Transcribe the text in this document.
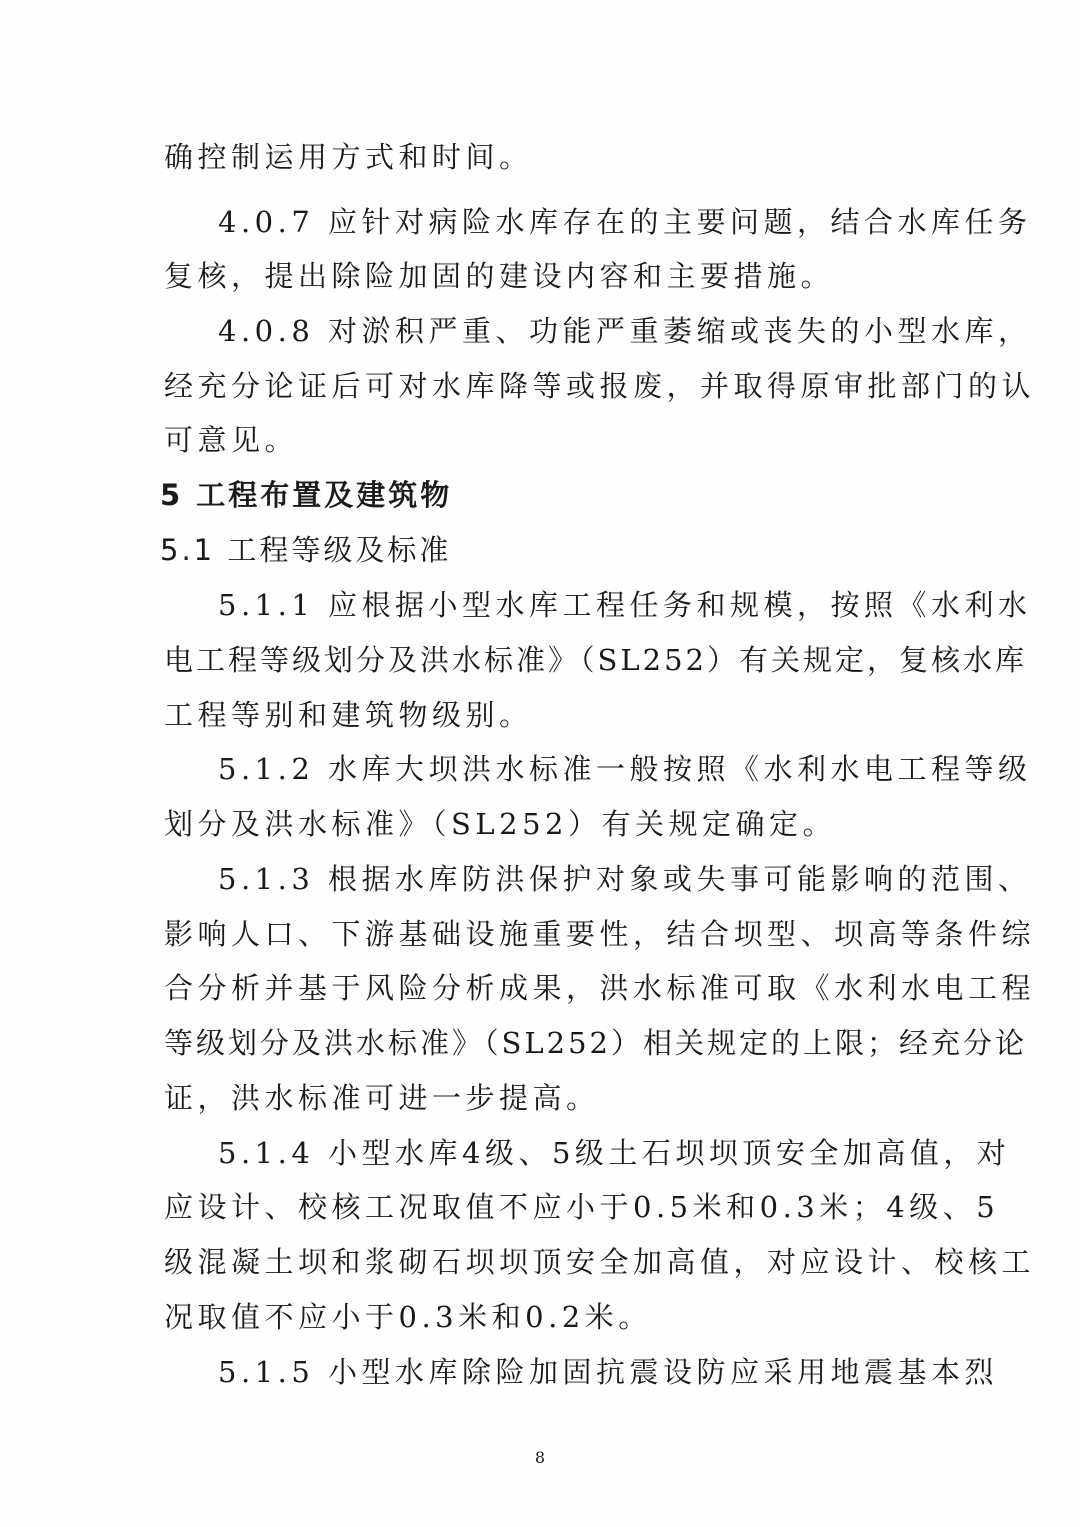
确控制运用方式和时间。
4.0.7 应针对病险水库存在的主要问题，结合水库任务
复核，提出除险加固的建设内容和主要措施。
4.0.8 对淤积严重、功能严重萎缩或丧失的小型水库，
经充分论证后可对水库降等或报废，并取得原审批部门的认
可意见。
5 工程布置及建筑物
5.1 工程等级及标准
5.1.1 应根据小型水库工程任务和规模，按照《水利水
电工程等级划分及洪水标准》（SL252）有关规定，复核水库
工程等别和建筑物级别。
5.1.2 水库大坝洪水标准一般按照《水利水电工程等级
划分及洪水标准》（SL252）有关规定确定。
5.1.3 根据水库防洪保护对象或失事可能影响的范围、
影响人口、下游基础设施重要性，结合坝型、坝高等条件综
合分析并基于风险分析成果，洪水标准可取《水利水电工程
等级划分及洪水标准》（SL252）相关规定的上限；经充分论
证，洪水标准可进一步提高。
5.1.4 小型水库4级、5级土石坝坝顶安全加高值，对
应设计、校核工况取值不应小于0.5米和0.3米；4级、5
级混凝土坝和浆砌石坝坝顶安全加高值，对应设计、校核工
况取值不应小于0.3米和0.2米。
5.1.5 小型水库除险加固抗震设防应采用地震基本烈
8
